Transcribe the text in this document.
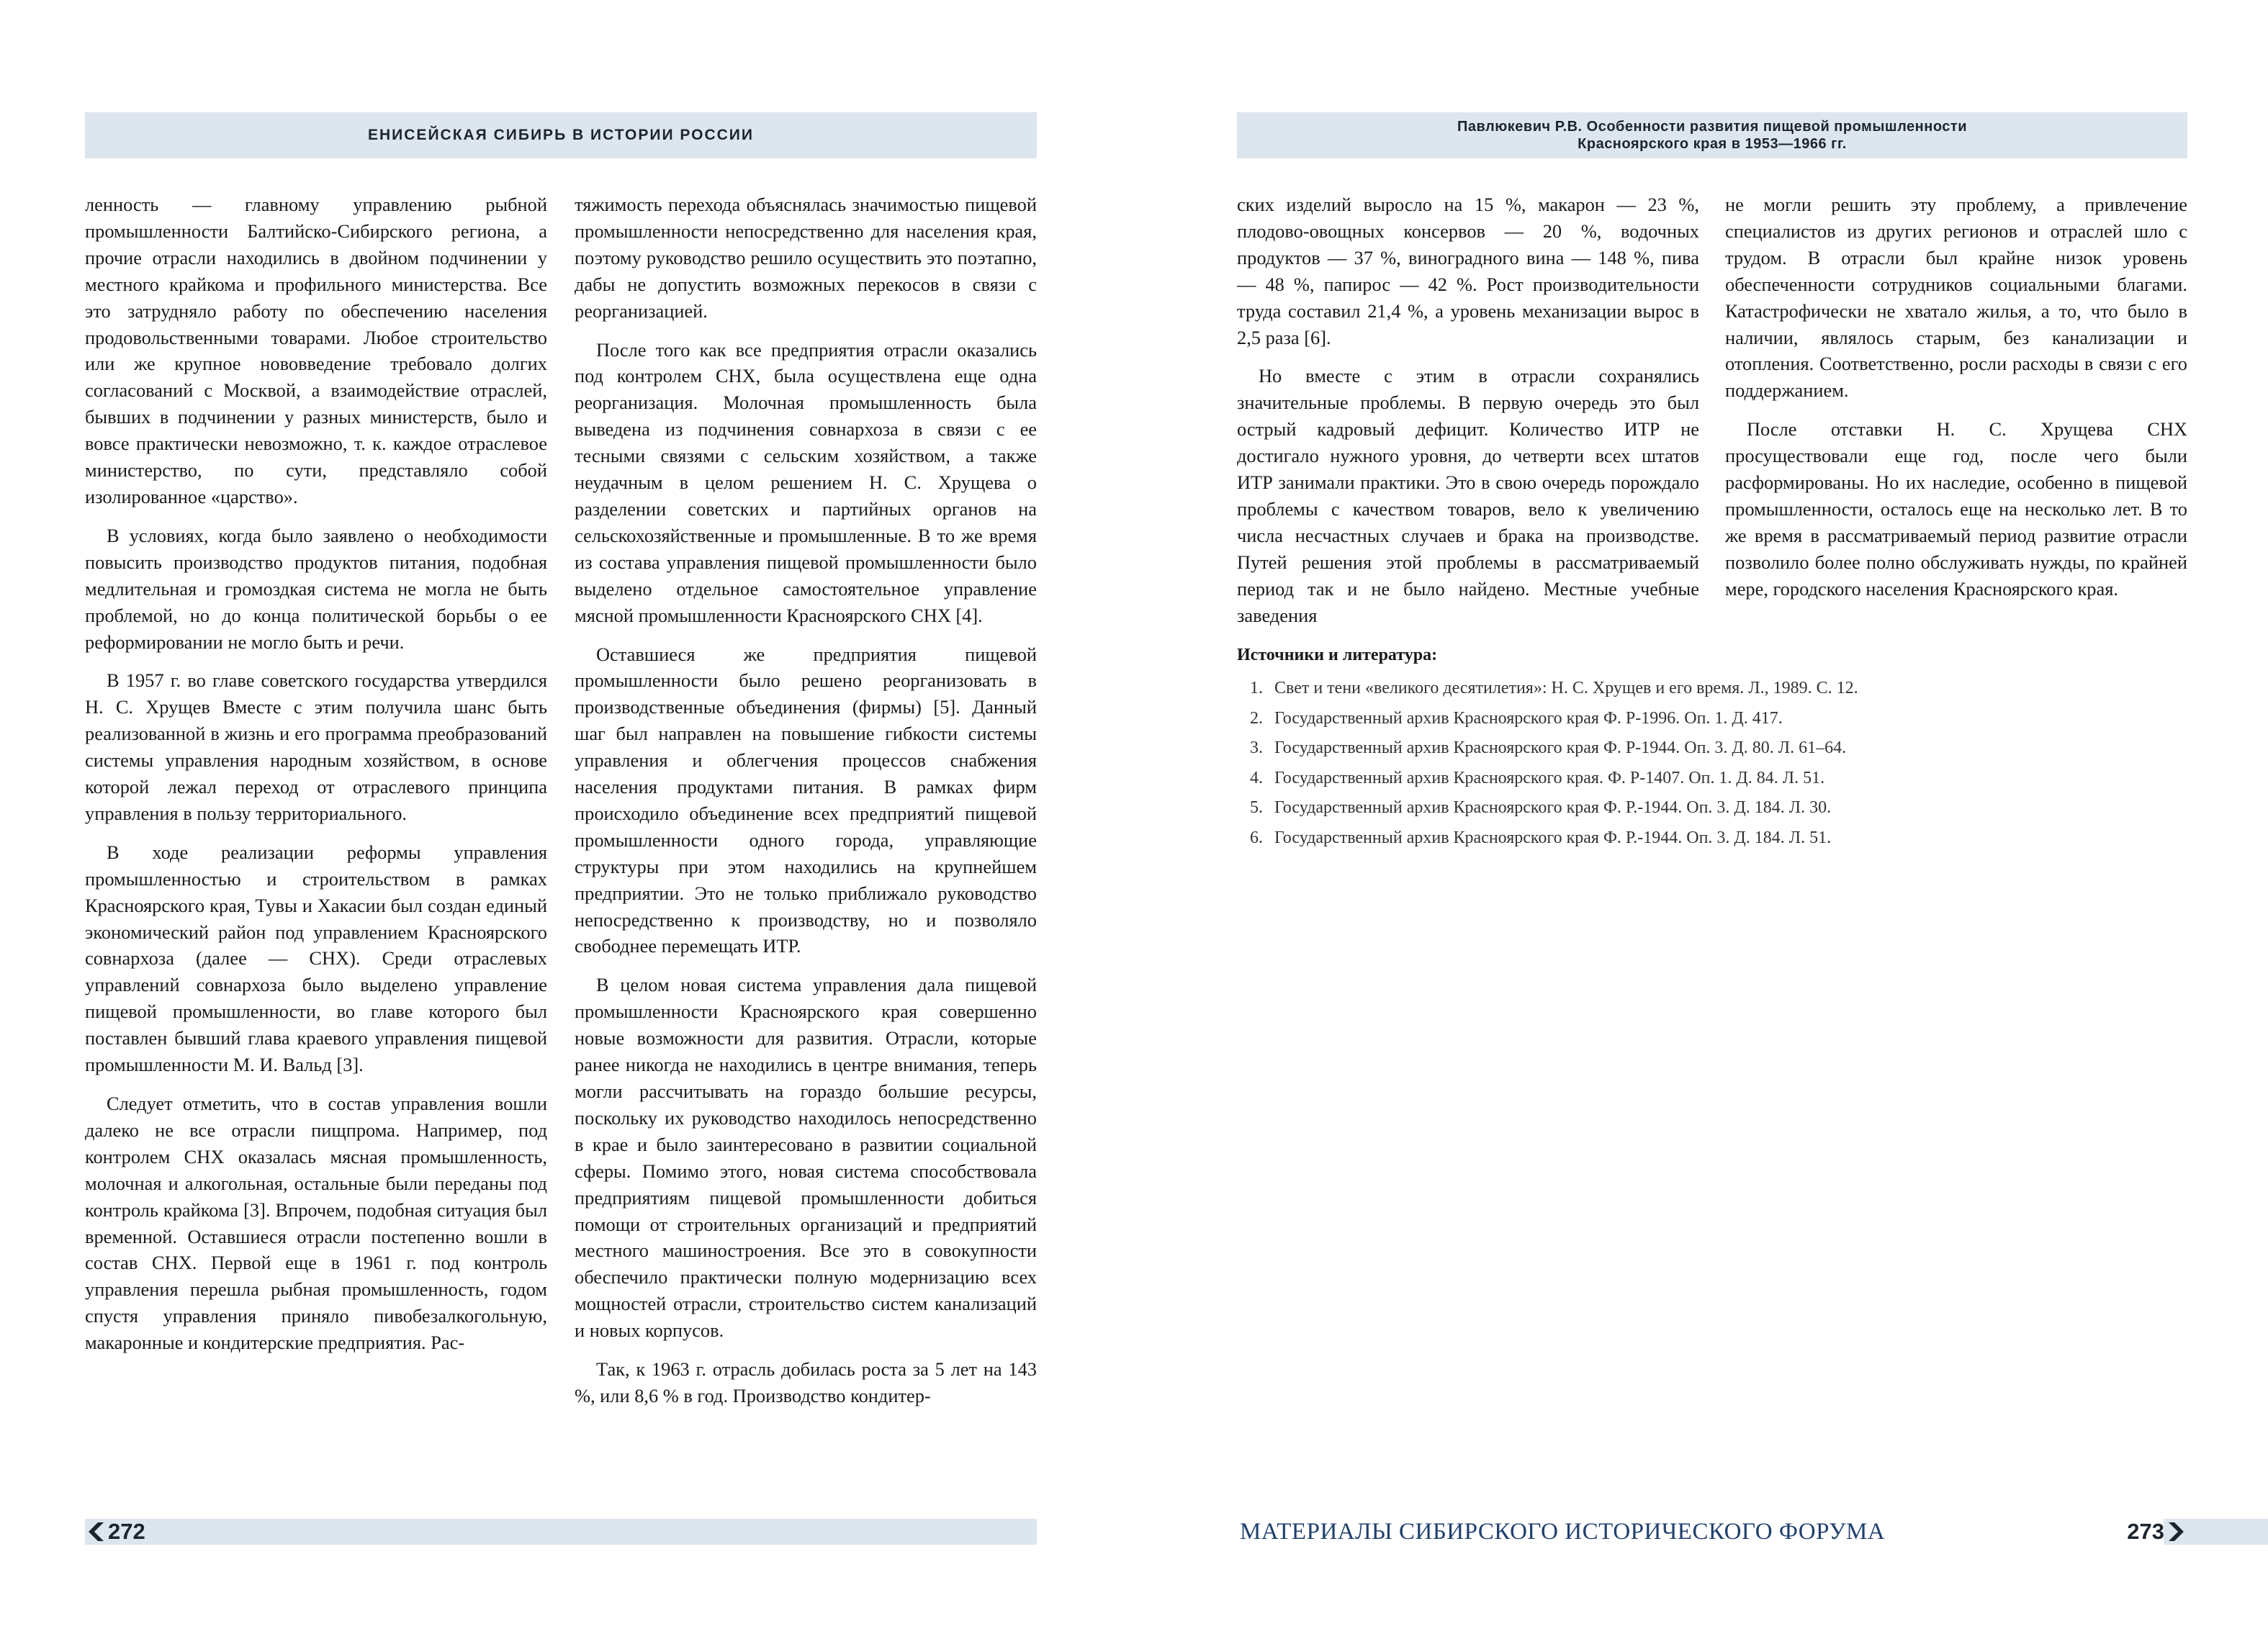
ЕНИСЕЙСКАЯ СИБИРЬ В ИСТОРИИ РОССИИ

ленность — главному управлению рыбной промышленности Балтийско-Сибирского региона, а прочие отрасли находились в двойном подчинении у местного крайкома и профильного министерства. Все это затрудняло работу по обеспечению населения продовольственными товарами. Любое строительство или же крупное нововведение требовало долгих согласований с Москвой, а взаимодействие отраслей, бывших в подчинении у разных министерств, было и вовсе практически невозможно, т. к. каждое отраслевое министерство, по сути, представляло собой изолированное «царство».

В условиях, когда было заявлено о необходимости повысить производство продуктов питания, подобная медлительная и громоздкая система не могла не быть проблемой, но до конца политической борьбы о ее реформировании не могло быть и речи.

В 1957 г. во главе советского государства утвердился Н. С. Хрущев Вместе с этим получила шанс быть реализованной в жизнь и его программа преобразований системы управления народным хозяйством, в основе которой лежал переход от отраслевого принципа управления в пользу территориального.

В ходе реализации реформы управления промышленностью и строительством в рамках Красноярского края, Тувы и Хакасии был создан единый экономический район под управлением Красноярского совнархоза (далее — СНХ). Среди отраслевых управлений совнархоза было выделено управление пищевой промышленности, во главе которого был поставлен бывший глава краевого управления пищевой промышленности М. И. Вальд [3].

Следует отметить, что в состав управления вошли далеко не все отрасли пищпрома. Например, под контролем СНХ оказалась мясная промышленность, молочная и алкогольная, остальные были переданы под контроль крайкома [3]. Впрочем, подобная ситуация был временной. Оставшиеся отрасли постепенно вошли в состав СНХ. Первой еще в 1961 г. под контроль управления перешла рыбная промышленность, годом спустя управления приняло пивобезалкогольную, макаронные и кондитерские предприятия. Рас-

тяжимость перехода объяснялась значимостью пищевой промышленности непосредственно для населения края, поэтому руководство решило осуществить это поэтапно, дабы не допустить возможных перекосов в связи с реорганизацией.

После того как все предприятия отрасли оказались под контролем СНХ, была осуществлена еще одна реорганизация. Молочная промышленность была выведена из подчинения совнархоза в связи с ее тесными связями с сельским хозяйством, а также неудачным в целом решением Н. С. Хрущева о разделении советских и партийных органов на сельскохозяйственные и промышленные. В то же время из состава управления пищевой промышленности было выделено отдельное самостоятельное управление мясной промышленности Красноярского СНХ [4].

Оставшиеся же предприятия пищевой промышленности было решено реорганизовать в производственные объединения (фирмы) [5]. Данный шаг был направлен на повышение гибкости системы управления и облегчения процессов снабжения населения продуктами питания. В рамках фирм происходило объединение всех предприятий пищевой промышленности одного города, управляющие структуры при этом находились на крупнейшем предприятии. Это не только приближало руководство непосредственно к производству, но и позволяло свободнее перемещать ИТР.

В целом новая система управления дала пищевой промышленности Красноярского края совершенно новые возможности для развития. Отрасли, которые ранее никогда не находились в центре внимания, теперь могли рассчитывать на гораздо большие ресурсы, поскольку их руководство находилось непосредственно в крае и было заинтересовано в развитии социальной сферы. Помимо этого, новая система способствовала предприятиям пищевой промышленности добиться помощи от строительных организаций и предприятий местного машиностроения. Все это в совокупности обеспечило практически полную модернизацию всех мощностей отрасли, строительство систем канализаций и новых корпусов.

Так, к 1963 г. отрасль добилась роста за 5 лет на 143 %, или 8,6 % в год. Производство кондитер-

272
Павлюкевич Р.В. Особенности развития пищевой промышленности
Красноярского края в 1953—1966 гг.

ских изделий выросло на 15 %, макарон — 23 %, плодово-овощных консервов — 20 %, водочных продуктов — 37 %, виноградного вина — 148 %, пива — 48 %, папирос — 42 %. Рост производительности труда составил 21,4 %, а уровень механизации вырос в 2,5 раза [6].

Но вместе с этим в отрасли сохранялись значительные проблемы. В первую очередь это был острый кадровый дефицит. Количество ИТР не достигало нужного уровня, до четверти всех штатов ИТР занимали практики. Это в свою очередь порождало проблемы с качеством товаров, вело к увеличению числа несчастных случаев и брака на производстве. Путей решения этой проблемы в рассматриваемый период так и не было найдено. Местные учебные заведения

не могли решить эту проблему, а привлечение специалистов из других регионов и отраслей шло с трудом. В отрасли был крайне низок уровень обеспеченности сотрудников социальными благами. Катастрофически не хватало жилья, а то, что было в наличии, являлось старым, без канализации и отопления. Соответственно, росли расходы в связи с его поддержанием.

После отставки Н. С. Хрущева СНХ просуществовали еще год, после чего были расформированы. Но их наследие, особенно в пищевой промышленности, осталось еще на несколько лет. В то же время в рассматриваемый период развитие отрасли позволило более полно обслуживать нужды, по крайней мере, городского населения Красноярского края.

Источники и литература:
1. Свет и тени «великого десятилетия»: Н. С. Хрущев и его время. Л., 1989. С. 12.
2. Государственный архив Красноярского края Ф. Р-1996. Оп. 1. Д. 417.
3. Государственный архив Красноярского края Ф. Р-1944. Оп. 3. Д. 80. Л. 61–64.
4. Государственный архив Красноярского края. Ф. Р-1407. Оп. 1. Д. 84. Л. 51.
5. Государственный архив Красноярского края Ф. Р.-1944. Оп. 3. Д. 184. Л. 30.
6. Государственный архив Красноярского края Ф. Р.-1944. Оп. 3. Д. 184. Л. 51.
МАТЕРИАЛЫ СИБИРСКОГО ИСТОРИЧЕСКОГО ФОРУМА	273
